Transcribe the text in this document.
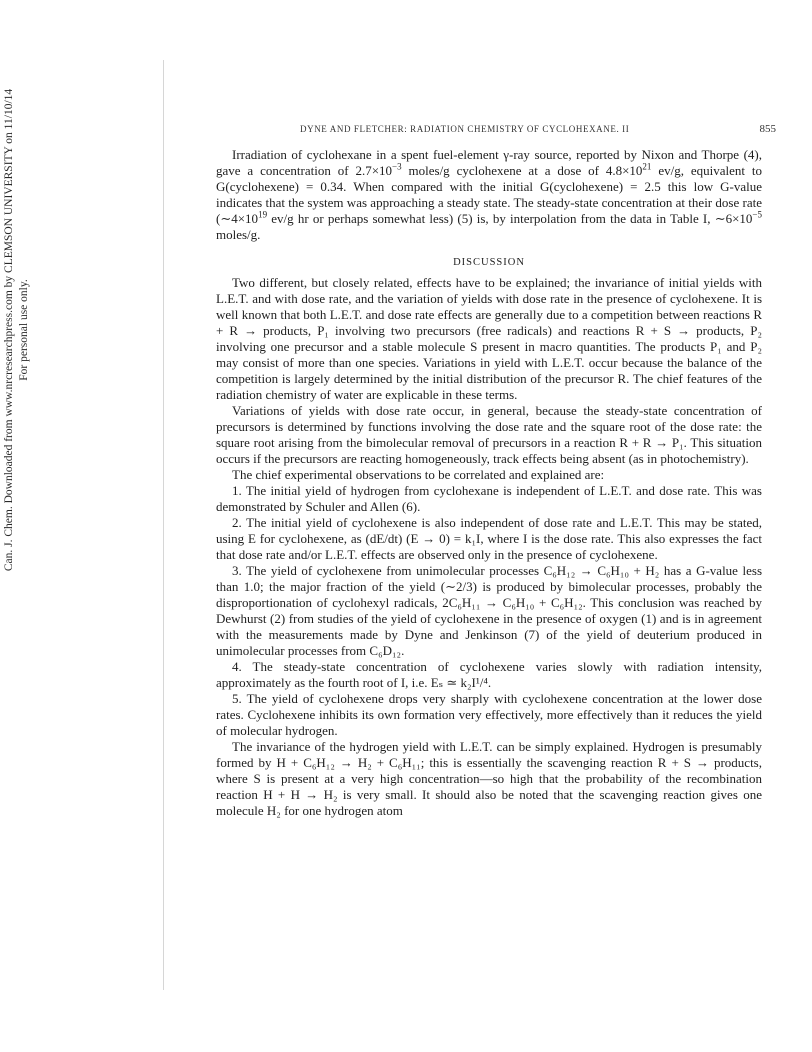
Can. J. Chem. Downloaded from www.nrcresearchpress.com by CLEMSON UNIVERSITY on 11/10/14 For personal use only.
DYNE AND FLETCHER: RADIATION CHEMISTRY OF CYCLOHEXANE. II	855

Irradiation of cyclohexane in a spent fuel-element γ-ray source, reported by Nixon and Thorpe (4), gave a concentration of $2.7\times 10^{-3}$ moles/g cyclohexene at a dose of $4.8\times 10^{21}$ ev/g, equivalent to G(cyclohexene) = 0.34. When compared with the initial G(cyclohexene) = 2.5 this low G-value indicates that the system was approaching a steady state. The steady-state concentration at their dose rate ($\sim 4\times 10^{19}$ ev/g hr or perhaps somewhat less) (5) is, by interpolation from the data in Table I, $\sim 6\times 10^{-5}$ moles/g.

DISCUSSION

Two different, but closely related, effects have to be explained; the invariance of initial yields with L.E.T. and with dose rate, and the variation of yields with dose rate in the presence of cyclohexene. It is well known that both L.E.T. and dose rate effects are generally due to a competition between reactions R + R → products, P₁ involving two precursors (free radicals) and reactions R + S → products, P₂ involving one precursor and a stable molecule S present in macro quantities. The products P₁ and P₂ may consist of more than one species. Variations in yield with L.E.T. occur because the balance of the competition is largely determined by the initial distribution of the precursor R. The chief features of the radiation chemistry of water are explicable in these terms.

Variations of yields with dose rate occur, in general, because the steady-state concentration of precursors is determined by functions involving the dose rate and the square root of the dose rate: the square root arising from the bimolecular removal of precursors in a reaction R + R → P₁. This situation occurs if the precursors are reacting homogeneously, track effects being absent (as in photochemistry).

The chief experimental observations to be correlated and explained are:

1. The initial yield of hydrogen from cyclohexane is independent of L.E.T. and dose rate. This was demonstrated by Schuler and Allen (6).

2. The initial yield of cyclohexene is also independent of dose rate and L.E.T. This may be stated, using E for cyclohexene, as (dE/dt) (E → 0) = k₁I, where I is the dose rate. This also expresses the fact that dose rate and/or L.E.T. effects are observed only in the presence of cyclohexene.

3. The yield of cyclohexene from unimolecular processes C₆H₁₂ → C₆H₁₀ + H₂ has a G-value less than 1.0; the major fraction of the yield (∼2/3) is produced by bimolecular processes, probably the disproportionation of cyclohexyl radicals, 2C₆H₁₁ → C₆H₁₀ + C₆H₁₂. This conclusion was reached by Dewhurst (2) from studies of the yield of cyclohexene in the presence of oxygen (1) and is in agreement with the measurements made by Dyne and Jenkinson (7) of the yield of deuterium produced in unimolecular processes from C₆D₁₂.

4. The steady-state concentration of cyclohexene varies slowly with radiation intensity, approximately as the fourth root of I, i.e. Eₛ ≃ k₂I¹/⁴.

5. The yield of cyclohexene drops very sharply with cyclohexene concentration at the lower dose rates. Cyclohexene inhibits its own formation very effectively, more effectively than it reduces the yield of molecular hydrogen.

The invariance of the hydrogen yield with L.E.T. can be simply explained. Hydrogen is presumably formed by H + C₆H₁₂ → H₂ + C₆H₁₁; this is essentially the scavenging reaction R + S → products, where S is present at a very high concentration—so high that the probability of the recombination reaction H + H → H₂ is very small. It should also be noted that the scavenging reaction gives one molecule H₂ for one hydrogen atom
